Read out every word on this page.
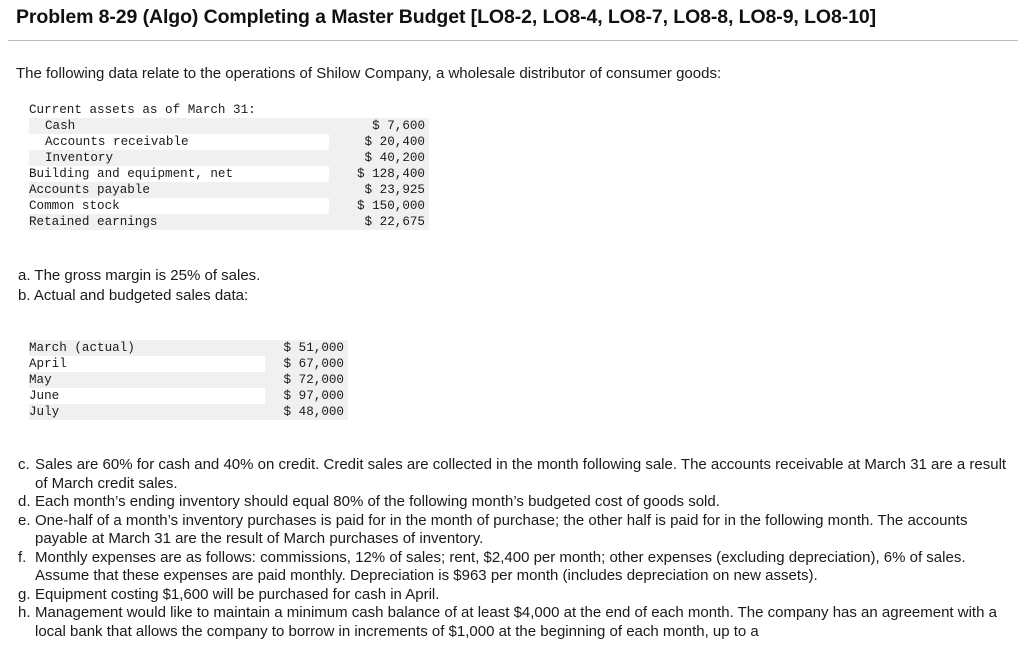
Problem 8-29 (Algo) Completing a Master Budget [LO8-2, LO8-4, LO8-7, LO8-8, LO8-9, LO8-10]
The following data relate to the operations of Shilow Company, a wholesale distributor of consumer goods:
Current assets as of March 31:	
Cash	$ 7,600
Accounts receivable	$ 20,400
Inventory	$ 40,200
Building and equipment, net	$ 128,400
Accounts payable	$ 23,925
Common stock	$ 150,000
Retained earnings	$ 22,675

a. The gross margin is 25% of sales.

b. Actual and budgeted sales data:

March (actual)	$ 51,000
April	$ 67,000
May	$ 72,000
June	$ 97,000
July	$ 48,000

c. Sales are 60% for cash and 40% on credit. Credit sales are collected in the month following sale. The accounts receivable at March 31 are a result of March credit sales.

d. Each month’s ending inventory should equal 80% of the following month’s budgeted cost of goods sold.

e. One-half of a month’s inventory purchases is paid for in the month of purchase; the other half is paid for in the following month. The accounts payable at March 31 are the result of March purchases of inventory.

f. Monthly expenses are as follows: commissions, 12% of sales; rent, $2,400 per month; other expenses (excluding depreciation), 6% of sales. Assume that these expenses are paid monthly. Depreciation is $963 per month (includes depreciation on new assets).

g. Equipment costing $1,600 will be purchased for cash in April.

h. Management would like to maintain a minimum cash balance of at least $4,000 at the end of each month. The company has an agreement with a local bank that allows the company to borrow in increments of $1,000 at the beginning of each month, up to a
